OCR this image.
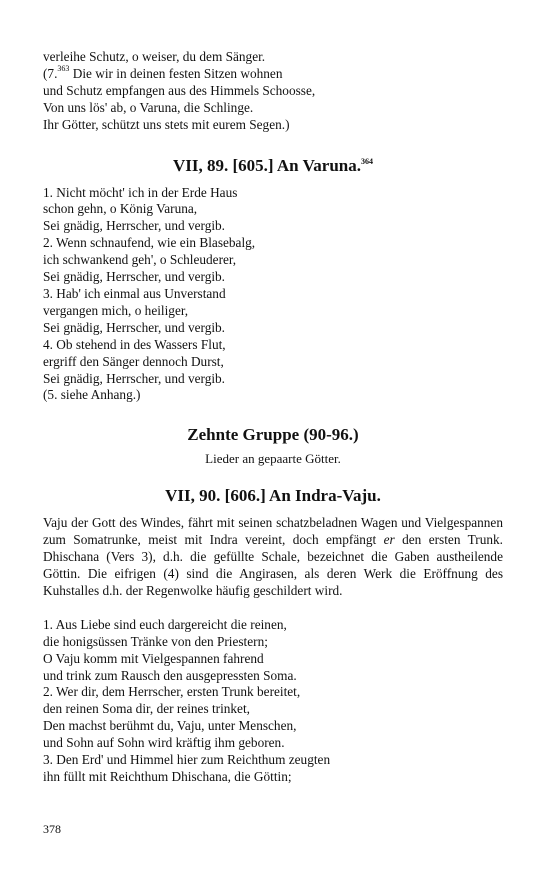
verleihe Schutz, o weiser, du dem Sänger.
(7.$^{363}$ Die wir in deinen festen Sitzen wohnen
und Schutz empfangen aus des Himmels Schoosse,
Von uns lös' ab, o Varuna, die Schlinge.
Ihr Götter, schützt uns stets mit eurem Segen.)
VII, 89. [605.] An Varuna.$^{364}$
1. Nicht möcht' ich in der Erde Haus
schon gehn, o König Varuna,
Sei gnädig, Herrscher, und vergib.
2. Wenn schnaufend, wie ein Blasebalg,
ich schwankend geh', o Schleuderer,
Sei gnädig, Herrscher, und vergib.
3. Hab' ich einmal aus Unverstand
vergangen mich, o heiliger,
Sei gnädig, Herrscher, und vergib.
4. Ob stehend in des Wassers Flut,
ergriff den Sänger dennoch Durst,
Sei gnädig, Herrscher, und vergib.
(5. siehe Anhang.)
Zehnte Gruppe (90-96.)
Lieder an gepaarte Götter.
VII, 90. [606.] An Indra-Vaju.
Vaju der Gott des Windes, fährt mit seinen schatzbeladnen Wagen und Vielgespannen zum Somatrunke, meist mit Indra vereint, doch empfängt er den ersten Trunk. Dhischana (Vers 3), d.h. die gefüllte Schale, bezeichnet die Gaben austheilende Göttin. Die eifrigen (4) sind die Angirasen, als deren Werk die Eröffnung des Kuhstalles d.h. der Regenwolke häufig geschildert wird.
1. Aus Liebe sind euch dargereicht die reinen,
die honigsüssen Tränke von den Priestern;
O Vaju komm mit Vielgespannen fahrend
und trink zum Rausch den ausgepressten Soma.
2. Wer dir, dem Herrscher, ersten Trunk bereitet,
den reinen Soma dir, der reines trinket,
Den machst berühmt du, Vaju, unter Menschen,
und Sohn auf Sohn wird kräftig ihm geboren.
3. Den Erd' und Himmel hier zum Reichthum zeugten
ihn füllt mit Reichthum Dhischana, die Göttin;
378
